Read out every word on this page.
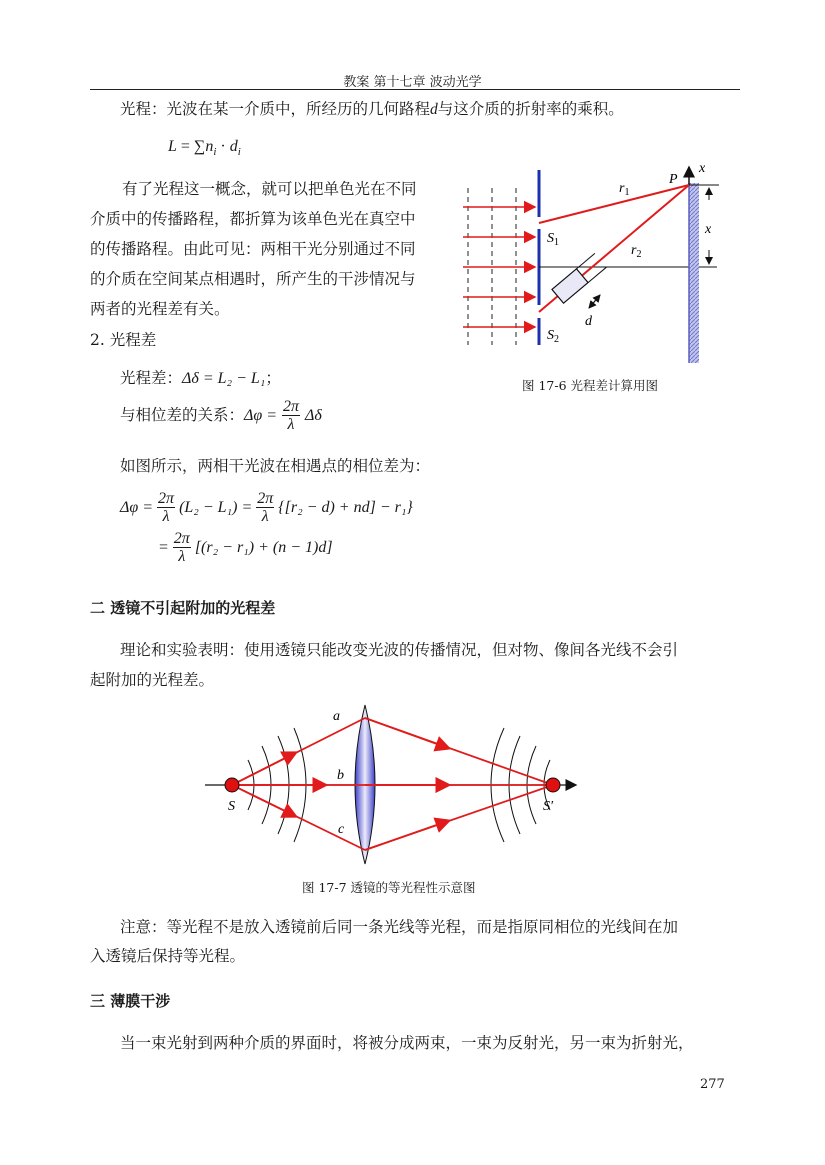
教案 第十七章 波动光学
光程：光波在某一介质中，所经历的几何路程d与这介质的折射率的乘积。
$L = \sum n_i \cdot d_i$
有了光程这一概念，就可以把单色光在不同
介质中的传播路程，都折算为该单色光在真空中
的传播路程。由此可见：两相干光分别通过不同
的介质在空间某点相遇时，所产生的干涉情况与
两者的光程差有关。
2. 光程差
光程差：Δδ = L₂ − L₁；
与相位差的关系：$\Delta\varphi = \frac{2\pi}{\lambda}$ Δδ
如图所示，两相干光波在相遇点的相位差为：
$\Delta\varphi = \frac{2\pi}{\lambda} (L_2 - L_1) = \frac{2\pi}{\lambda} \{[r_2 - d) + nd] - r_1$}
= $\frac{2\pi}{\lambda} [(r_2 - r_1) + (n - 1)d]$
$r_1$
P
x
x
$S_1$
$r_2$
d
$S_2$
图 17-6 光程差计算用图
二 透镜不引起附加的光程差
理论和实验表明：使用透镜只能改变光波的传播情况，但对物、像间各光线不会引
起附加的光程差。
a
b
c
S	S′
图 17-7 透镜的等光程性示意图
注意：等光程不是放入透镜前后同一条光线等光程，而是指原同相位的光线间在加
入透镜后保持等光程。
三 薄膜干涉
当一束光射到两种介质的界面时，将被分成两束，一束为反射光，另一束为折射光，
277
